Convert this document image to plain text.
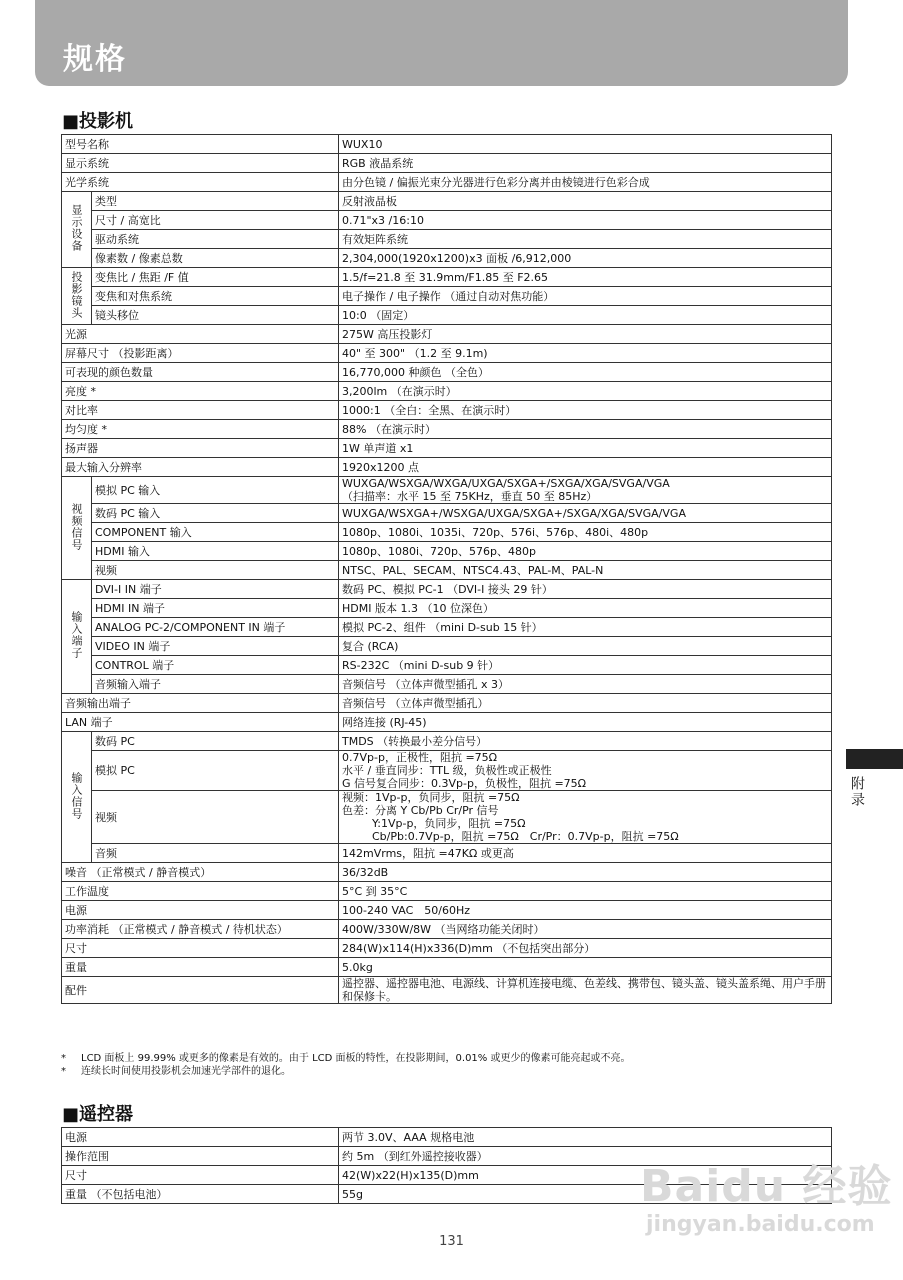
规格
■投影机
型号名称		WUX10
显示系统		RGB 液晶系统
光学系统		由分色镜 / 偏振光束分光器进行色彩分离并由棱镜进行色彩合成
显示设备	类型	反射液晶板
	尺寸 / 高宽比	0.71"x3 /16:10
	驱动系统	有效矩阵系统
	像素数 / 像素总数	2,304,000(1920x1200)x3 面板 /6,912,000
投影镜头	变焦比 / 焦距 /F 值	1.5/f=21.8 至 31.9mm/F1.85 至 F2.65
	变焦和对焦系统	电子操作 / 电子操作 （通过自动对焦功能）
	镜头移位	10:0 （固定）
光源		275W 高压投影灯
屏幕尺寸 （投影距离）		40" 至 300" （1.2 至 9.1m)
可表现的颜色数量		16,770,000 种颜色 （全色）
亮度 *		3,200lm （在演示时）
对比率		1000:1 （全白：全黑、在演示时）
均匀度 *		88% （在演示时）
扬声器		1W 单声道 x1
最大输入分辨率		1920x1200 点
视频信号	模拟 PC 输入	WUXGA/WSXGA/WXGA/UXGA/SXGA+/SXGA/XGA/SVGA/VGA
（扫描率：水平 15 至 75KHz，垂直 50 至 85Hz）

	数码 PC 输入	WUXGA/WSXGA+/WSXGA/UXGA/SXGA+/SXGA/XGA/SVGA/VGA
	COMPONENT 输入	1080p、1080i、1035i、720p、576i、576p、480i、480p
	HDMI 输入	1080p、1080i、720p、576p、480p
	视频	NTSC、PAL、SECAM、NTSC4.43、PAL-M、PAL-N
输入端子	DVI-I IN 端子	数码 PC、模拟 PC-1 （DVI-I 接头 29 针）
	HDMI IN 端子	HDMI 版本 1.3 （10 位深色）
	ANALOG PC-2/COMPONENT IN 端子	模拟 PC-2、组件 （mini D-sub 15 针）
	VIDEO IN 端子	复合 (RCA)
	CONTROL 端子	RS-232C （mini D-sub 9 针）
	音频输入端子	音频信号 （立体声微型插孔 x 3）
音频输出端子		音频信号 （立体声微型插孔）
LAN 端子		网络连接 (RJ-45)
输入信号	数码 PC	TMDS （转换最小差分信号）
	模拟 PC	0.7Vp-p，正极性，阻抗 =75Ω
水平 / 垂直同步：TTL 级，负极性或正极性
G 信号复合同步：0.3Vp-p，负极性，阻抗 =75Ω

	视频	视频：1Vp-p，负同步，阻抗 =75Ω
色差：分离 Y Cb/Pb Cr/Pr 信号
Y:1Vp-p，负同步，阻抗 =75Ω
Cb/Pb:0.7Vp-p，阻抗 =75Ω　Cr/Pr：0.7Vp-p，阻抗 =75Ω

	音频	142mVrms，阻抗 =47KΩ 或更高
噪音 （正常模式 / 静音模式）		36/32dB
工作温度		5°C 到 35°C
电源		100-240 VAC　50/60Hz
功率消耗 （正常模式 / 静音模式 / 待机状态）		400W/330W/8W （当网络功能关闭时）
尺寸		284(W)x114(H)x336(D)mm （不包括突出部分）
重量		5.0kg
配件		遥控器、遥控器电池、电源线、计算机连接电缆、色差线、携带包、镜头盖、镜头盖系绳、用户手册和保修卡。
*	LCD 面板上 99.99% 或更多的像素是有效的。由于 LCD 面板的特性，在投影期间，0.01% 或更少的像素可能亮起或不亮。
*	连续长时间使用投影机会加速光学部件的退化。
■遥控器
电源	两节 3.0V、AAA 规格电池
操作范围	约 5m （到红外遥控接收器）
尺寸	42(W)x22(H)x135(D)mm
重量 （不包括电池）	55g
附录
Baidu 经验
jingyan.baidu.com
131
